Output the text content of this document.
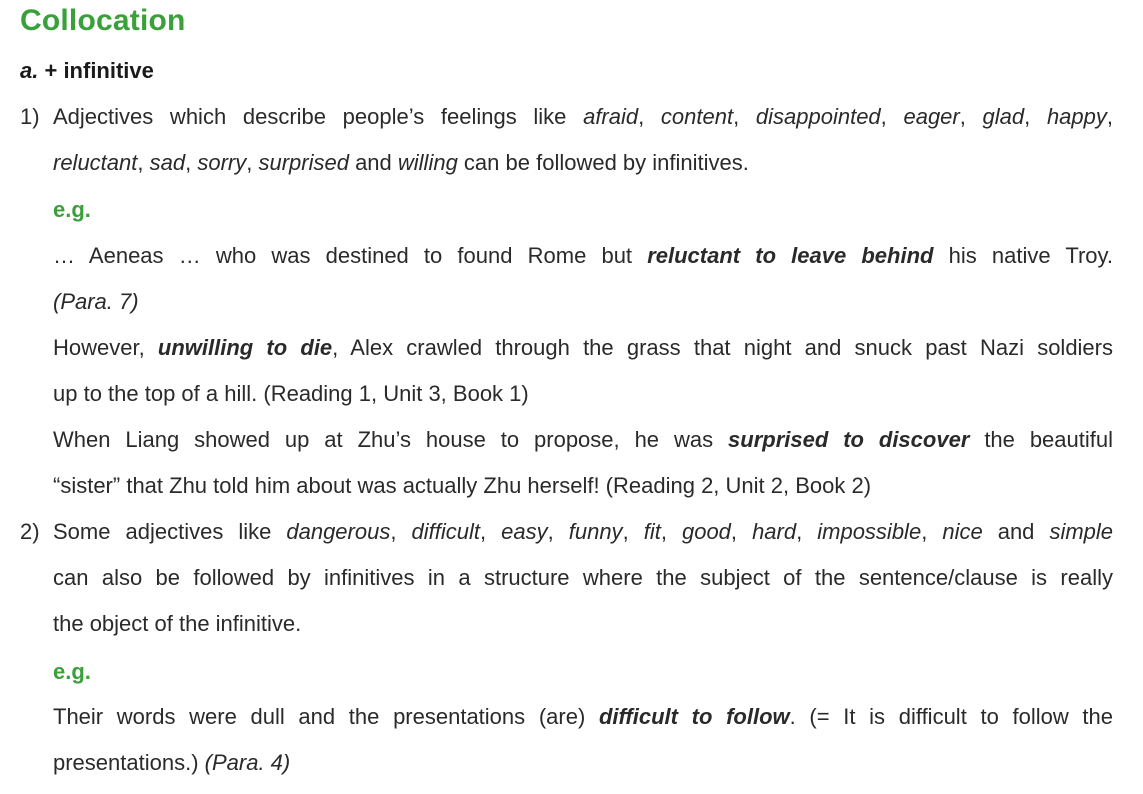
Collocation
a. + infinitive
1) Adjectives which describe people’s feelings like afraid, content, disappointed, eager, glad, happy,
reluctant, sad, sorry, surprised and willing can be followed by infinitives.
e.g.
… Aeneas … who was destined to found Rome but reluctant to leave behind his native Troy.
(Para. 7)
However, unwilling to die, Alex crawled through the grass that night and snuck past Nazi soldiers
up to the top of a hill. (Reading 1, Unit 3, Book 1)
When Liang showed up at Zhu’s house to propose, he was surprised to discover the beautiful
“sister” that Zhu told him about was actually Zhu herself! (Reading 2, Unit 2, Book 2)
2) Some adjectives like dangerous, difficult, easy, funny, fit, good, hard, impossible, nice and simple
can also be followed by infinitives in a structure where the subject of the sentence/clause is really
the object of the infinitive.
e.g.
Their words were dull and the presentations (are) difficult to follow. (= It is difficult to follow the
presentations.) (Para. 4)
